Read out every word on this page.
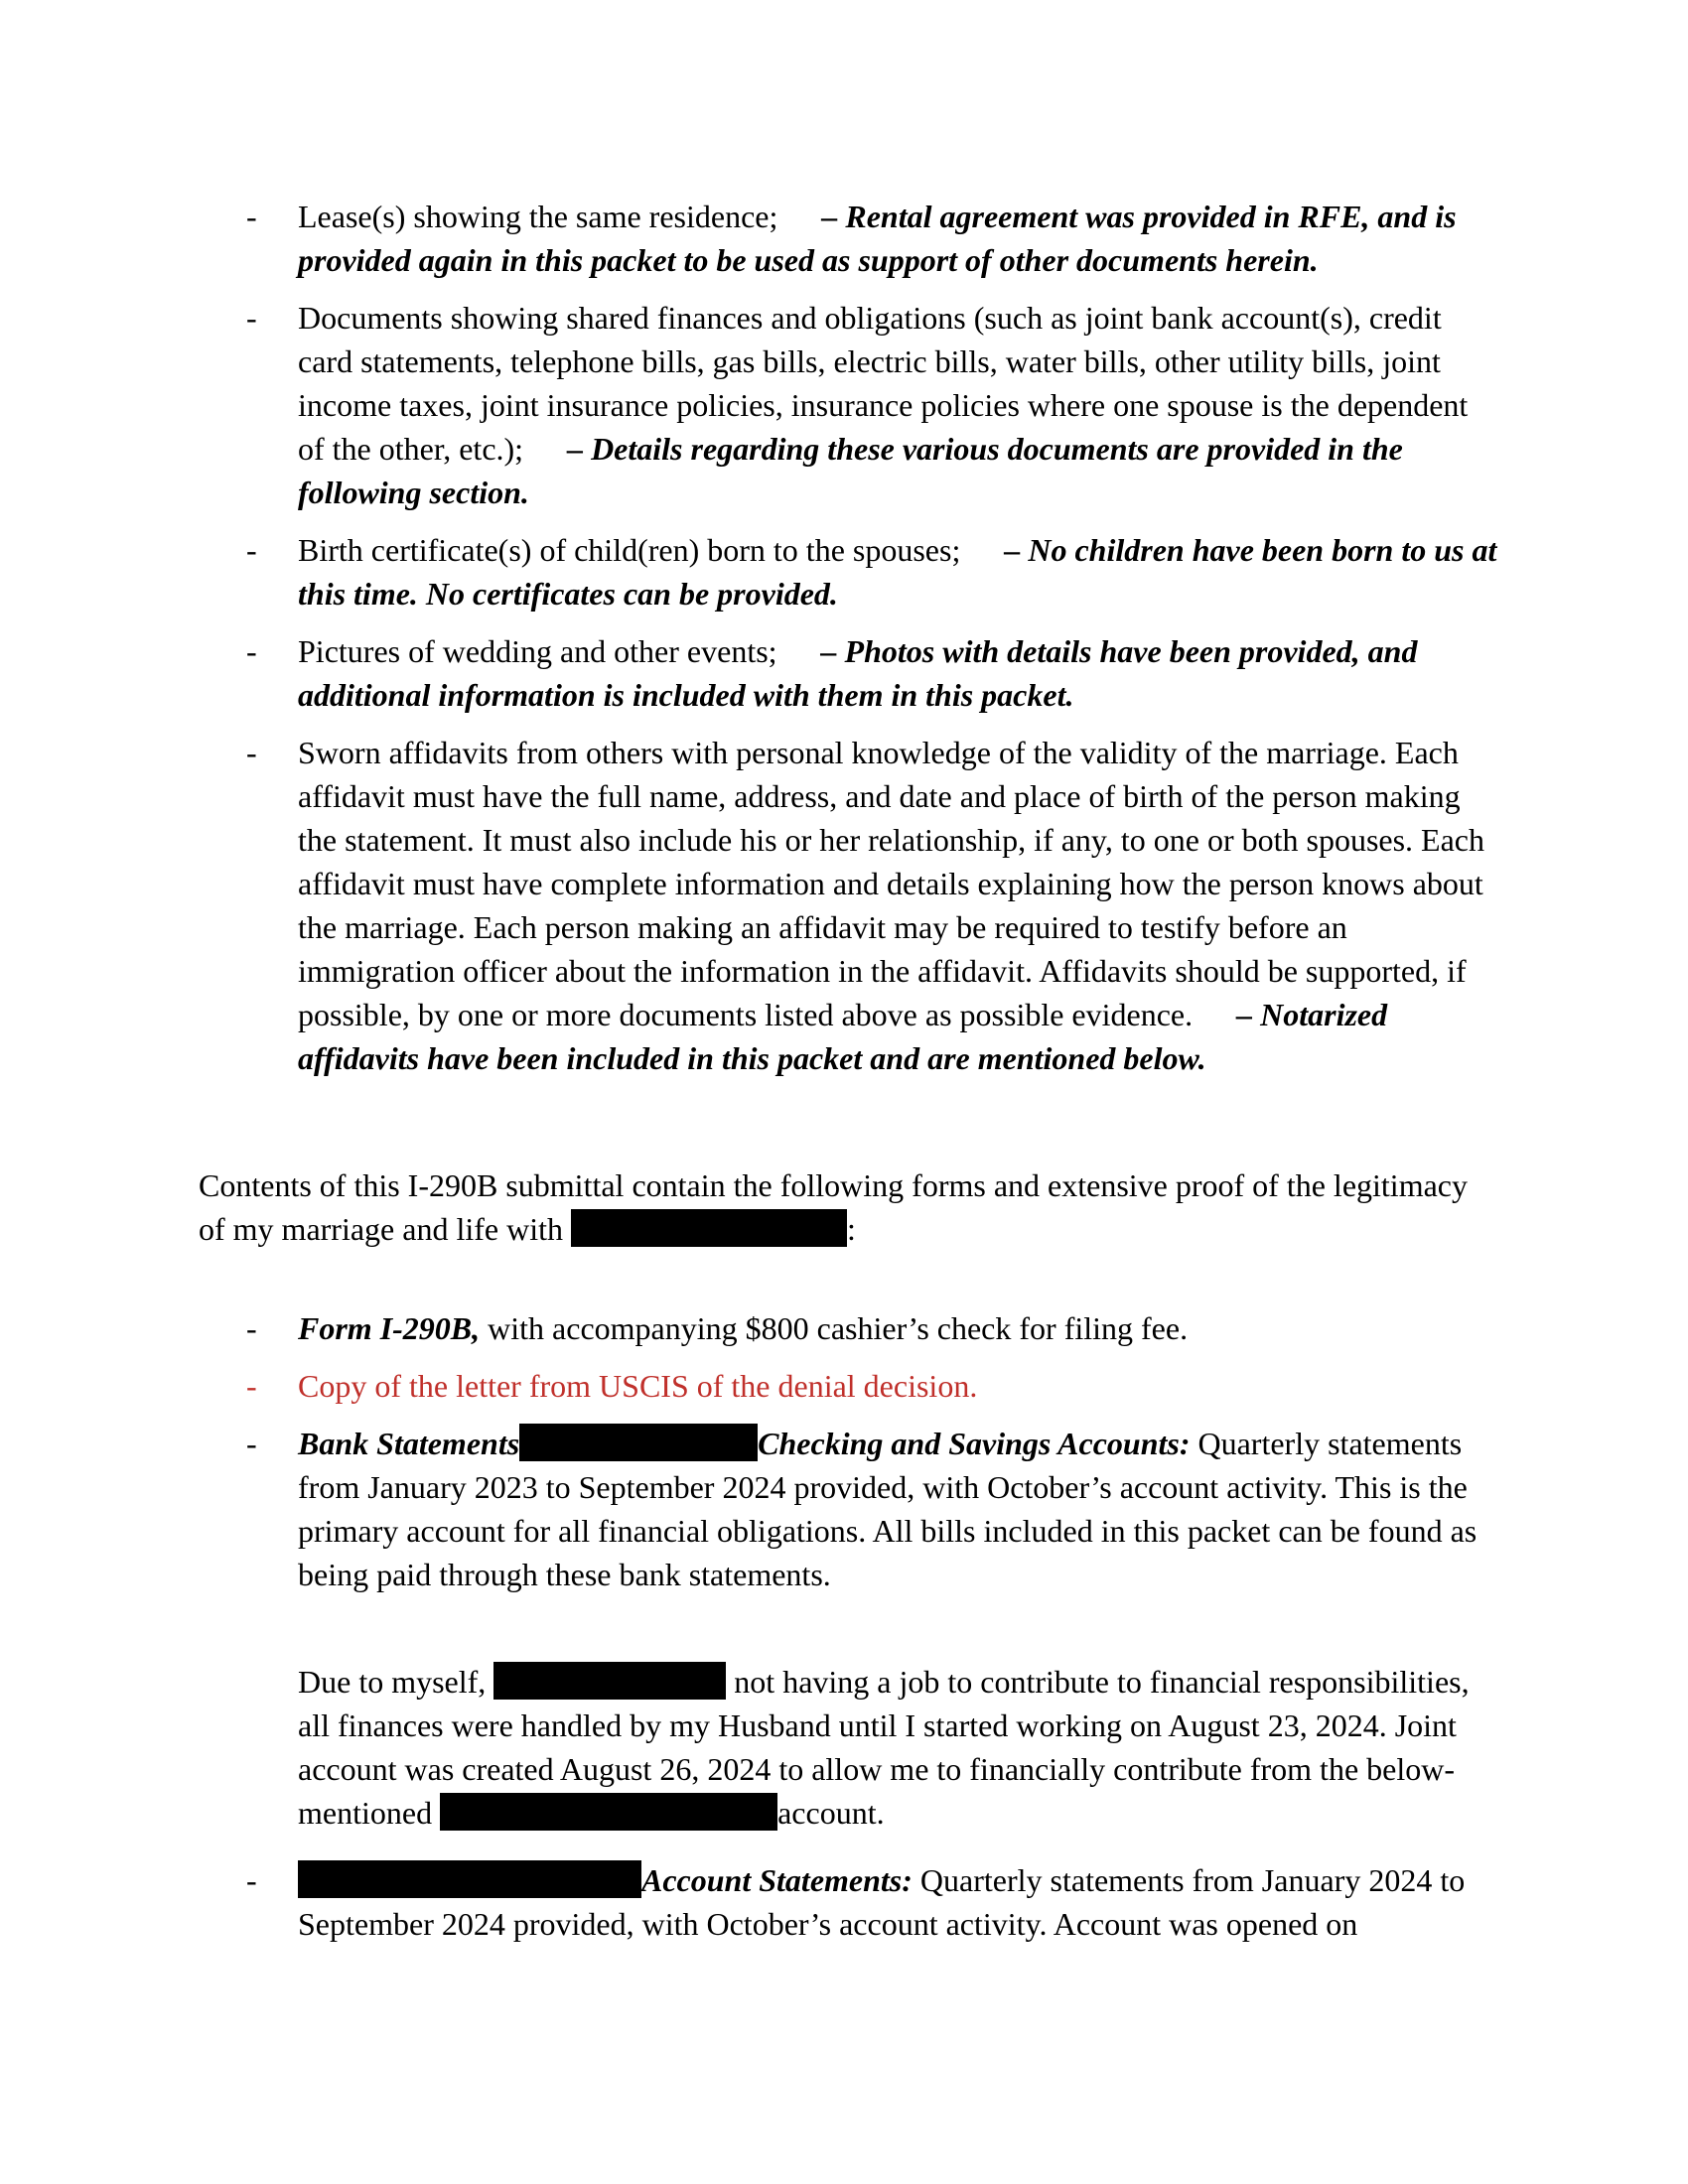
- Lease(s) showing the same residence; – Rental agreement was provided in RFE, and is provided again in this packet to be used as support of other documents herein.
- Documents showing shared finances and obligations (such as joint bank account(s), credit card statements, telephone bills, gas bills, electric bills, water bills, other utility bills, joint income taxes, joint insurance policies, insurance policies where one spouse is the dependent of the other, etc.); – Details regarding these various documents are provided in the following section.
- Birth certificate(s) of child(ren) born to the spouses; – No children have been born to us at this time. No certificates can be provided.
- Pictures of wedding and other events; – Photos with details have been provided, and additional information is included with them in this packet.
- Sworn affidavits from others with personal knowledge of the validity of the marriage. Each affidavit must have the full name, address, and date and place of birth of the person making the statement. It must also include his or her relationship, if any, to one or both spouses. Each affidavit must have complete information and details explaining how the person knows about the marriage. Each person making an affidavit may be required to testify before an immigration officer about the information in the affidavit. Affidavits should be supported, if possible, by one or more documents listed above as possible evidence. – Notarized affidavits have been included in this packet and are mentioned below.
Contents of this I-290B submittal contain the following forms and extensive proof of the legitimacy of my marriage and life with	:
- Form I-290B, with accompanying $800 cashier’s check for filing fee.
- Copy of the letter from USCIS of the denial decision.
- Bank Statements	Checking and Savings Accounts: Quarterly statements from January 2023 to September 2024 provided, with October’s account activity. This is the primary account for all financial obligations. All bills included in this packet can be found as being paid through these bank statements.
Due to myself,	not having a job to contribute to financial responsibilities, all finances were handled by my Husband until I started working on August 23, 2024. Joint account was created August 26, 2024 to allow me to financially contribute from the below-mentioned	account.
-	Account Statements: Quarterly statements from January 2024 to September 2024 provided, with October’s account activity. Account was opened on
